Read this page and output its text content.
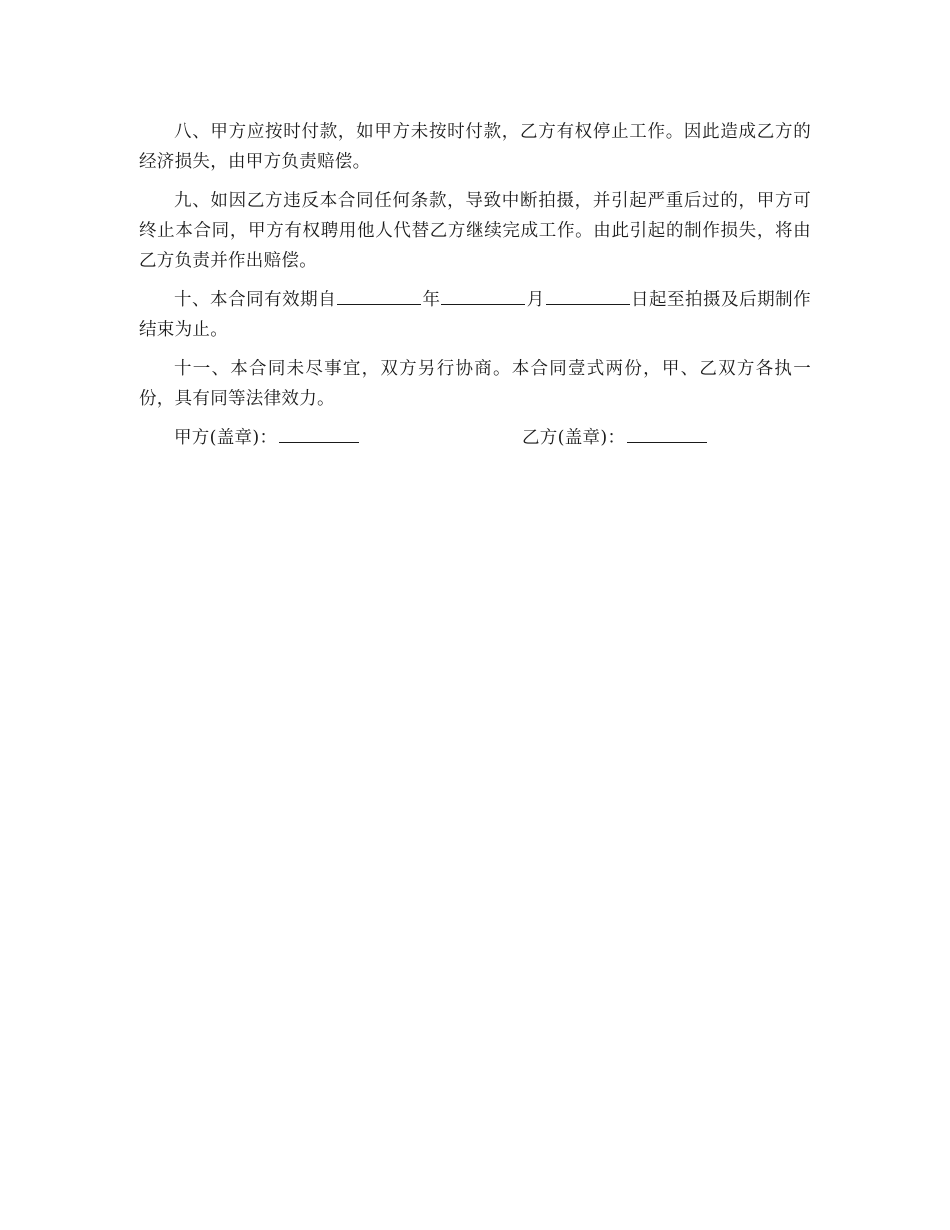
八、甲方应按时付款，如甲方未按时付款，乙方有权停止工作。因此造成乙方的经济损失，由甲方负责赔偿。

九、如因乙方违反本合同任何条款，导致中断拍摄，并引起严重后过的，甲方可终止本合同，甲方有权聘用他人代替乙方继续完成工作。由此引起的制作损失，将由乙方负责并作出赔偿。

十、本合同有效期自	年	月	日起至拍摄及后期制作结束为止。

十一、本合同未尽事宜，双方另行协商。本合同壹式两份，甲、乙双方各执一份，具有同等法律效力。

甲方(盖章)：	乙方(盖章)：
